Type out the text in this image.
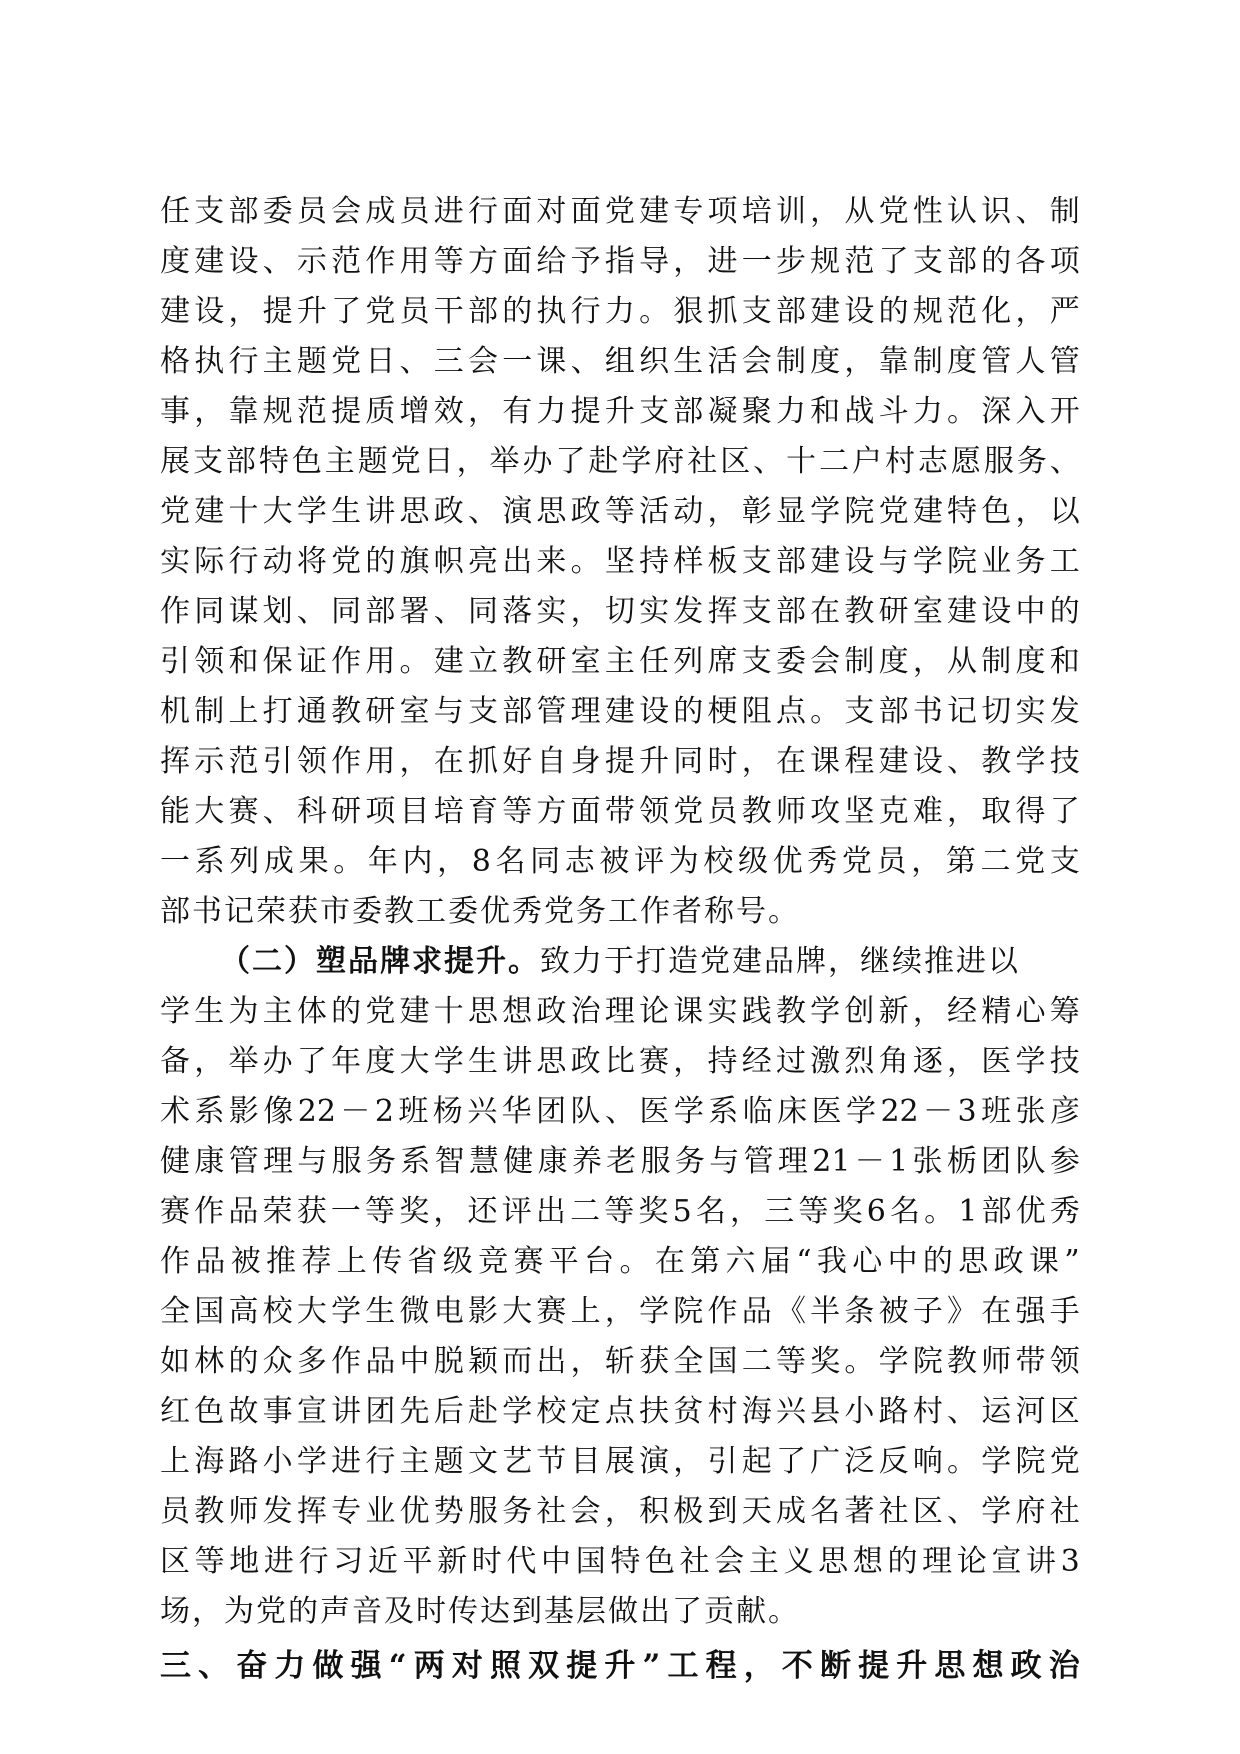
任 支 部 委 员 会 成 员 进 行 面 对 面 党 建 专 项 培 训 ， 从 党 性 认 识 、 制
度 建 设 、 示 范 作 用 等 方 面 给 予 指 导 ， 进 一 步 规 范 了 支 部 的 各 项
建 设 ， 提 升 了 党 员 干 部 的 执 行 力 。 狠 抓 支 部 建 设 的 规 范 化 ， 严
格 执 行 主 题 党 日 、 三 会 一 课 、 组 织 生 活 会 制 度 ， 靠 制 度 管 人 管
事 ， 靠 规 范 提 质 增 效 ， 有 力 提 升 支 部 凝 聚 力 和 战 斗 力 。 深 入 开
展 支 部 特 色 主 题 党 日 ， 举 办 了 赴 学 府 社 区 、 十 二 户 村 志 愿 服 务 、
党 建 十 大 学 生 讲 思 政 、 演 思 政 等 活 动 ， 彰 显 学 院 党 建 特 色 ， 以
实 际 行 动 将 党 的 旗 帜 亮 出 来 。 坚 持 样 板 支 部 建 设 与 学 院 业 务 工
作 同 谋 划 、 同 部 署 、 同 落 实 ， 切 实 发 挥 支 部 在 教 研 室 建 设 中 的
引 领 和 保 证 作 用 。 建 立 教 研 室 主 任 列 席 支 委 会 制 度 ， 从 制 度 和
机 制 上 打 通 教 研 室 与 支 部 管 理 建 设 的 梗 阻 点 。 支 部 书 记 切 实 发
挥 示 范 引 领 作 用 ， 在 抓 好 自 身 提 升 同 时 ， 在 课 程 建 设 、 教 学 技
能 大 赛 、 科 研 项 目 培 育 等 方 面 带 领 党 员 教 师 攻 坚 克 难 ， 取 得 了
一 系 列 成 果 。 年 内 ， 8 名 同 志 被 评 为 校 级 优 秀 党 员 ， 第 二 党 支
部书记荣获市委教工委优秀党务工作者称号。
（二）塑品牌求提升。 致力于打造党建品牌，继续推进以
学 生 为 主 体 的 党 建 十 思 想 政 治 理 论 课 实 践 教 学 创 新 ， 经 精 心 筹
备 ， 举 办 了 年 度 大 学 生 讲 思 政 比 赛 ， 持 经 过 激 烈 角 逐 ， 医 学 技
术 系 影 像 22 － 2 班 杨 兴 华 团 队 、 医 学 系 临 床 医 学 22 － 3 班 张 彦
健 康 管 理 与 服 务 系 智 慧 健 康 养 老 服 务 与 管 理 21 － 1 张 栃 团 队 参
赛 作 品 荣 获 一 等 奖 ， 还 评 出 二 等 奖 5 名 ， 三 等 奖 6 名 。 1 部 优 秀
作 品 被 推 荐 上 传 省 级 竞 赛 平 台 。 在 第 六 届 “ 我 心 中 的 思 政 课 ”
全 国 高 校 大 学 生 微 电 影 大 赛 上 ， 学 院 作 品 《 半 条 被 子 》 在 强 手
如 林 的 众 多 作 品 中 脱 颖 而 出 ， 斩 获 全 国 二 等 奖 。 学 院 教 师 带 领
红 色 故 事 宣 讲 团 先 后 赴 学 校 定 点 扶 贫 村 海 兴 县 小 路 村 、 运 河 区
上 海 路 小 学 进 行 主 题 文 艺 节 目 展 演 ， 引 起 了 广 泛 反 响 。 学 院 党
员 教 师 发 挥 专 业 优 势 服 务 社 会 ， 积 极 到 天 成 名 著 社 区 、 学 府 社
区 等 地 进 行 习 近 平 新 时 代 中 国 特 色 社 会 主 义 思 想 的 理 论 宣 讲 3
场，为党的声音及时传达到基层做出了贡献。
三 、 奋 力 做 强 “ 两 对 照 双 提 升 ” 工 程 ， 不 断 提 升 思 想 政 治
